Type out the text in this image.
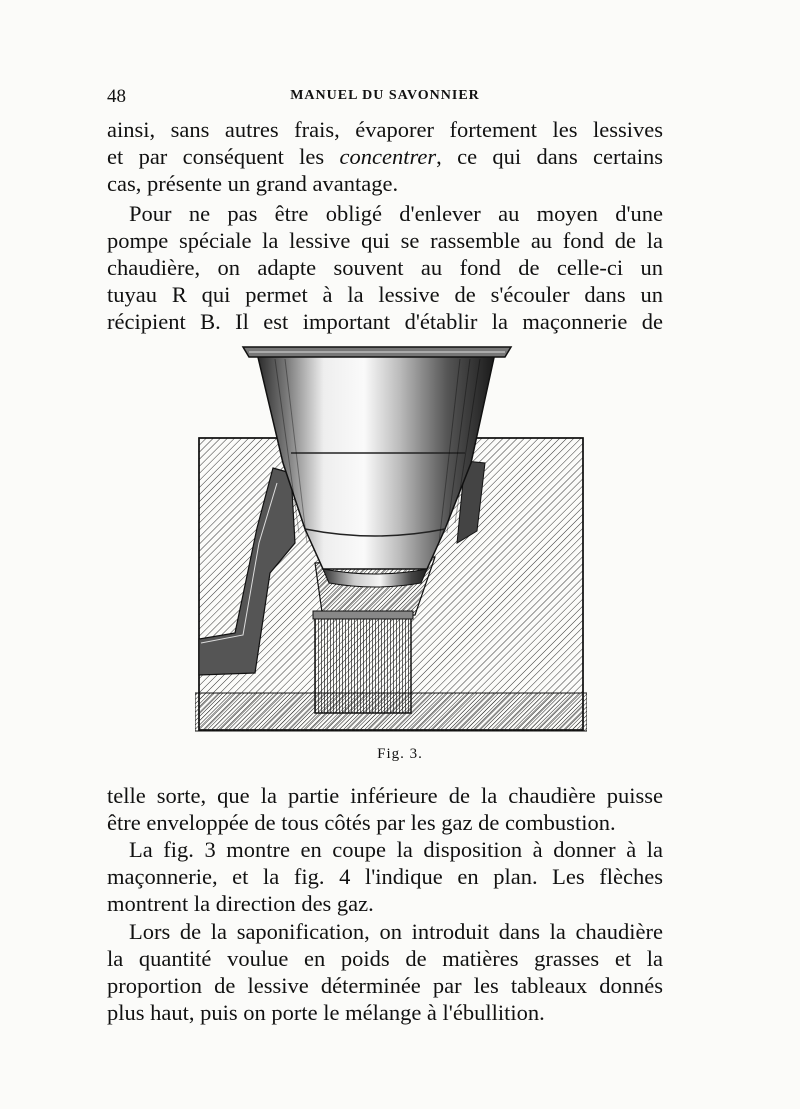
48	MANUEL DU SAVONNIER

ainsi, sans autres frais, évaporer fortement les lessives
et par conséquent les concentrer, ce qui dans certains
cas, présente un grand avantage.

Pour ne pas être obligé d'enlever au moyen d'une
pompe spéciale la lessive qui se rassemble au fond de la
chaudière, on adapte souvent au fond de celle-ci un
tuyau R qui permet à la lessive de s'écouler dans un
récipient B. Il est important d'établir la maçonnerie de

Fig. 3.

telle sorte, que la partie inférieure de la chaudière puisse
être enveloppée de tous côtés par les gaz de combustion.

La fig. 3 montre en coupe la disposition à donner à la
maçonnerie, et la fig. 4 l'indique en plan. Les flèches
montrent la direction des gaz.

Lors de la saponification, on introduit dans la chaudière
la quantité voulue en poids de matières grasses et la
proportion de lessive déterminée par les tableaux donnés
plus haut, puis on porte le mélange à l'ébullition.
